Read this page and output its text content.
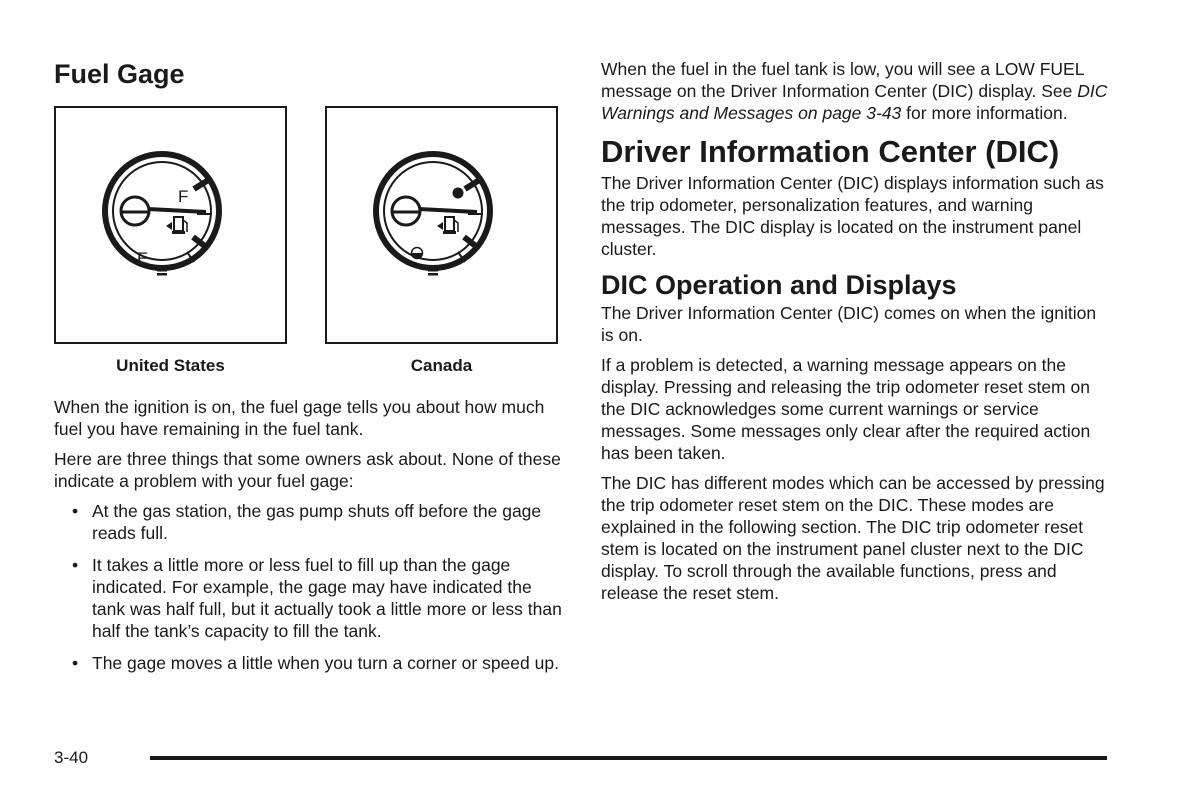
Fuel Gage
F
E
United States	Canada

When the ignition is on, the fuel gage tells you about how much fuel you have remaining in the fuel tank.

Here are three things that some owners ask about. None of these indicate a problem with your fuel gage:

• At the gas station, the gas pump shuts off before the gage reads full.
• It takes a little more or less fuel to fill up than the gage indicated. For example, the gage may have indicated the tank was half full, but it actually took a little more or less than half the tank’s capacity to fill the tank.
• The gage moves a little when you turn a corner or speed up.

When the fuel in the fuel tank is low, you will see a LOW FUEL message on the Driver Information Center (DIC) display. See DIC Warnings and Messages on page 3-43 for more information.

Driver Information Center (DIC)

The Driver Information Center (DIC) displays information such as the trip odometer, personalization features, and warning messages. The DIC display is located on the instrument panel cluster.

DIC Operation and Displays

The Driver Information Center (DIC) comes on when the ignition is on.

If a problem is detected, a warning message appears on the display. Pressing and releasing the trip odometer reset stem on the DIC acknowledges some current warnings or service messages. Some messages only clear after the required action has been taken.

The DIC has different modes which can be accessed by pressing the trip odometer reset stem on the DIC. These modes are explained in the following section. The DIC trip odometer reset stem is located on the instrument panel cluster next to the DIC display. To scroll through the available functions, press and release the reset stem.

3-40
